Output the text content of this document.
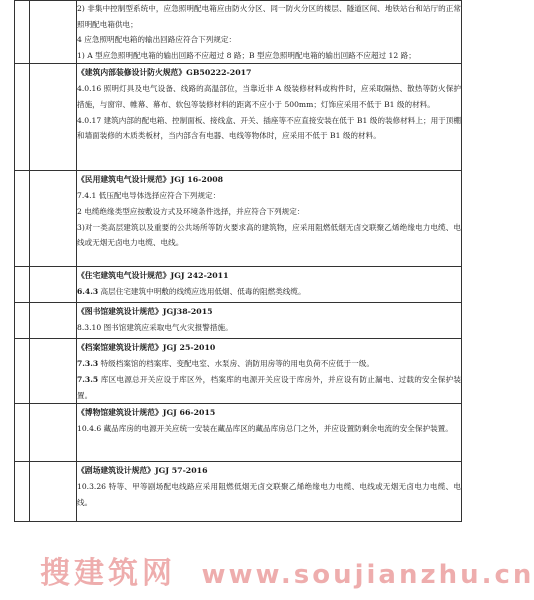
		2) 非集中控制型系统中，应急照明配电箱应由防火分区、同一防火分区的楼层、隧道区间、地铁站台和站厅的正常照明配电箱供电；
4 应急照明配电箱的输出回路应符合下列规定：
1) A 型应急照明配电箱的输出回路不应超过 8 路；B 型应急照明配电箱的输出回路不应超过 12 路；

		《建筑内部装修设计防火规范》GB50222-2017
4.0.16 照明灯具及电气设备、线路的高温部位，当靠近非 A 级装修材料或构件时，应采取隔热、散热等防火保护措施，与窗帘、帷幕、幕布、软包等装修材料的距离不应小于 500mm；灯饰应采用不低于 B1 级的材料。
4.0.17 建筑内部的配电箱、控制面板、接线盒、开关、插座等不应直接安装在低于 B1 级的装修材料上；用于顶棚和墙面装修的木质类板材，当内部含有电器、电线等物体时，应采用不低于 B1 级的材料。

		《民用建筑电气设计规范》JGJ 16-2008
7.4.1 低压配电导体选择应符合下列规定：
2 电缆绝缘类型应按敷设方式及环境条件选择，并应符合下列规定：
3)对一类高层建筑以及重要的公共场所等防火要求高的建筑物，应采用阻燃低烟无卤交联聚乙烯绝缘电力电缆、电线或无烟无卤电力电缆、电线。

		《住宅建筑电气设计规范》JGJ 242-2011
6.4.3 高层住宅建筑中明敷的线缆应选用低烟、低毒的阻燃类线缆。

		《图书馆建筑设计规范》JGJ38-2015
8.3.10 图书馆建筑应采取电气火灾报警措施。

		《档案馆建筑设计规范》JGJ 25-2010
7.3.3 特级档案馆的档案库、变配电室、水泵房、消防用房等的用电负荷不应低于一级。
7.3.5 库区电源总开关应设于库区外，档案库的电源开关应设于库房外，并应设有防止漏电、过载的安全保护装置。

		《博物馆建筑设计规范》JGJ 66-2015
10.4.6 藏品库房的电源开关应统一安装在藏品库区的藏品库房总门之外，并应设置防剩余电流的安全保护装置。

		《剧场建筑设计规范》JGJ 57-2016
10.3.26 特等、甲等剧场配电线路应采用阻燃低烟无卤交联聚乙烯绝缘电力电缆、电线或无烟无卤电力电缆、电线。
搜建筑网 www.soujianzhu.cn
